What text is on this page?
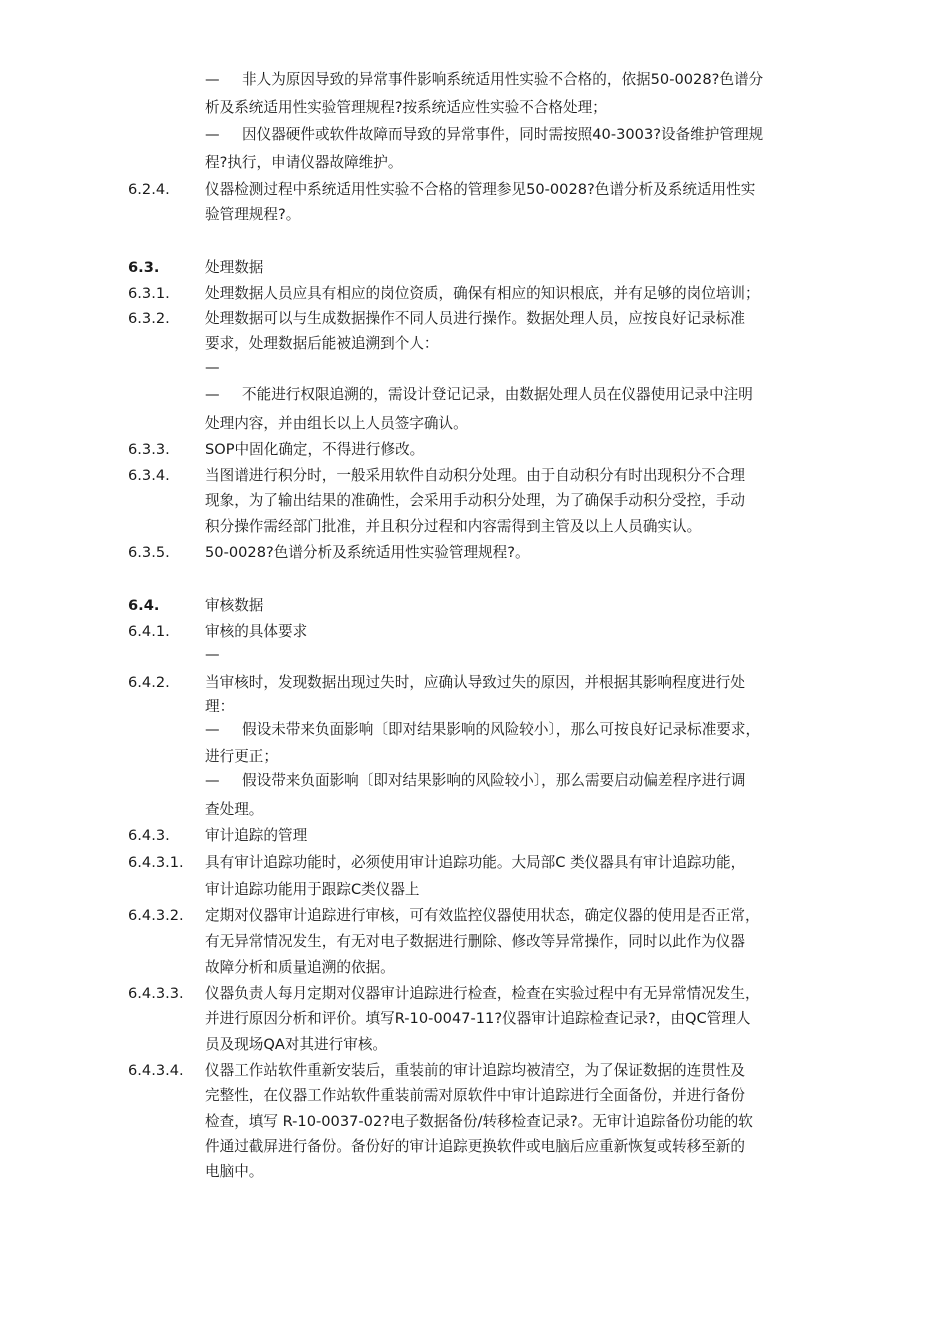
— 非人为原因导致的异常事件影响系统适用性实验不合格的，依据50-0028?色谱分
析及系统适用性实验管理规程?按系统适应性实验不合格处理；
— 因仪器硬件或软件故障而导致的异常事件，同时需按照40-3003?设备维护管理规
程?执行，申请仪器故障维护。
6.2.4. 仪器检测过程中系统适用性实验不合格的管理参见50-0028?色谱分析及系统适用性实
验管理规程?。
6.3.	处理数据
6.3.1. 处理数据人员应具有相应的岗位资质，确保有相应的知识根底，并有足够的岗位培训；
6.3.2. 处理数据可以与生成数据操作不同人员进行操作。数据处理人员，应按良好记录标准
要求，处理数据后能被追溯到个人：
—
— 不能进行权限追溯的，需设计登记记录，由数据处理人员在仪器使用记录中注明
处理内容，并由组长以上人员签字确认。
6.3.3. SOP中固化确定，不得进行修改。
6.3.4. 当图谱进行积分时，一般采用软件自动积分处理。由于自动积分有时出现积分不合理
现象，为了输出结果的准确性，会采用手动积分处理，为了确保手动积分受控，手动
积分操作需经部门批准，并且积分过程和内容需得到主管及以上人员确实认。
6.3.5. 50-0028?色谱分析及系统适用性实验管理规程?。
6.4.	审核数据
6.4.1. 审核的具体要求
—
6.4.2. 当审核时，发现数据出现过失时，应确认导致过失的原因，并根据其影响程度进行处
理：
— 假设未带来负面影响〔即对结果影响的风险较小〕，那么可按良好记录标准要求，
进行更正；
— 假设带来负面影响〔即对结果影响的风险较小〕，那么需要启动偏差程序进行调
查处理。
6.4.3. 审计追踪的管理
6.4.3.1. 具有审计追踪功能时，必须使用审计追踪功能。大局部C 类仪器具有审计追踪功能，
审计追踪功能用于跟踪C类仪器上
6.4.3.2. 定期对仪器审计追踪进行审核，可有效监控仪器使用状态，确定仪器的使用是否正常，
有无异常情况发生，有无对电子数据进行删除、修改等异常操作，同时以此作为仪器
故障分析和质量追溯的依据。
6.4.3.3. 仪器负责人每月定期对仪器审计追踪进行检查，检查在实验过程中有无异常情况发生，
并进行原因分析和评价。填写R-10-0047-11?仪器审计追踪检查记录?，由QC管理人
员及现场QA对其进行审核。
6.4.3.4. 仪器工作站软件重新安装后，重装前的审计追踪均被清空，为了保证数据的连贯性及
完整性，在仪器工作站软件重装前需对原软件中审计追踪进行全面备份，并进行备份
检查，填写 R-10-0037-02?电子数据备份/转移检查记录?。无审计追踪备份功能的软
件通过截屏进行备份。备份好的审计追踪更换软件或电脑后应重新恢复或转移至新的
电脑中。
